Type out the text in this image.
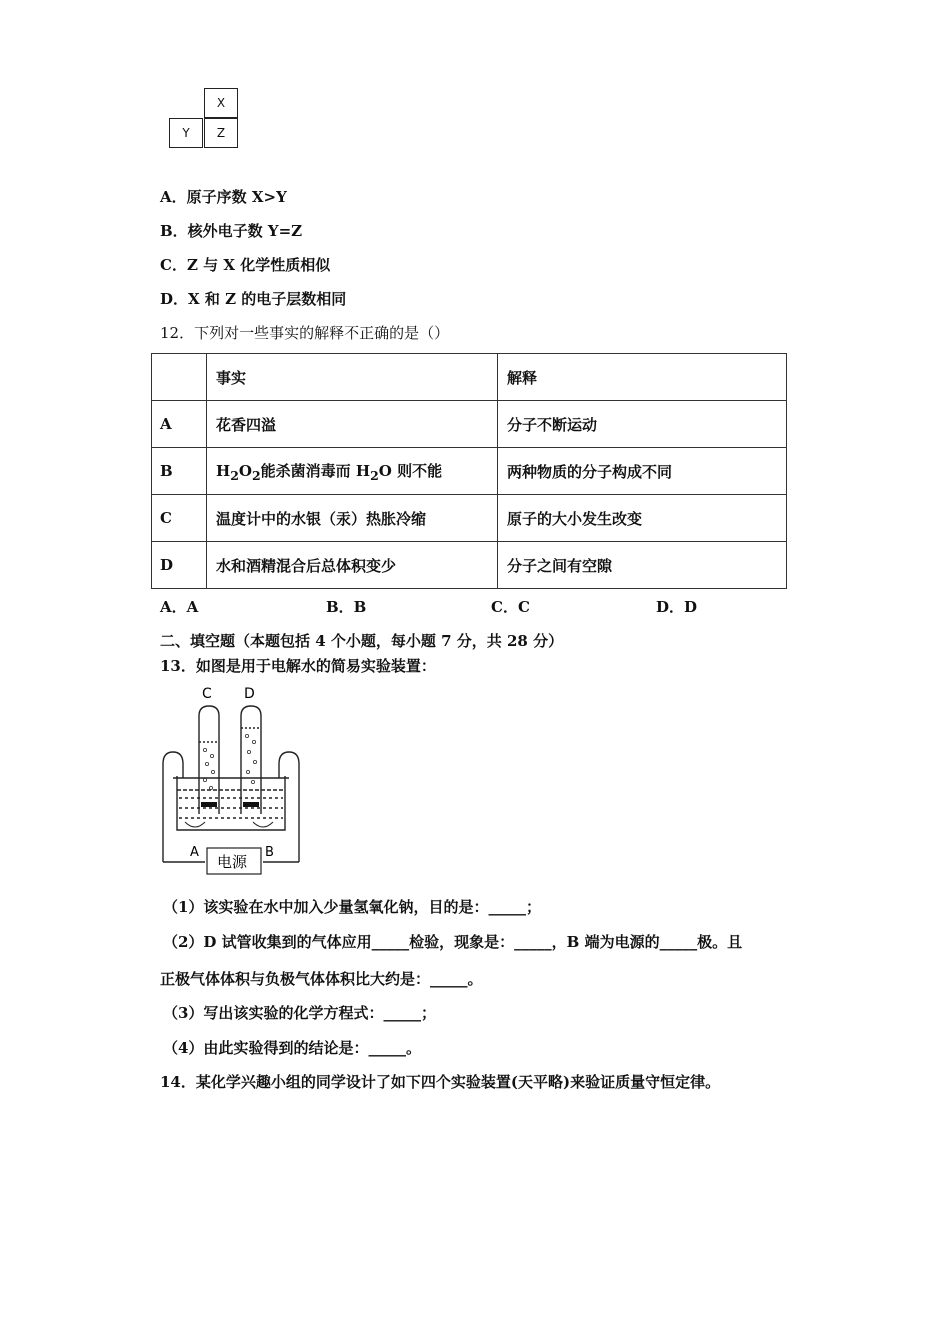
X
Y	Z
A．原子序数 X>Y
B．核外电子数 Y=Z
C．Z 与 X 化学性质相似
D．X 和 Z 的电子层数相同
12．下列对一些事实的解释不正确的是（）
	事实	解释
A	花香四溢	分子不断运动
B	$H_2O_2$能杀菌消毒而 $H_2O$ 则不能	两种物质的分子构成不同
C	温度计中的水银（汞）热胀冷缩	原子的大小发生改变
D	水和酒精混合后总体积变少	分子之间有空隙
A．A	B．B	C．C	D．D
二、填空题（本题包括 4 个小题，每小题 7 分，共 28 分）
13．如图是用于电解水的简易实验装置：
C D
A	B
电源
（1）该实验在水中加入少量氢氧化钠，目的是：_____；
（2）D 试管收集到的气体应用_____检验，现象是：_____，B 端为电源的_____极。且
正极气体体积与负极气体体积比大约是：_____。
（3）写出该实验的化学方程式：_____；
（4）由此实验得到的结论是：_____。
14．某化学兴趣小组的同学设计了如下四个实验装置(天平略)来验证质量守恒定律。
